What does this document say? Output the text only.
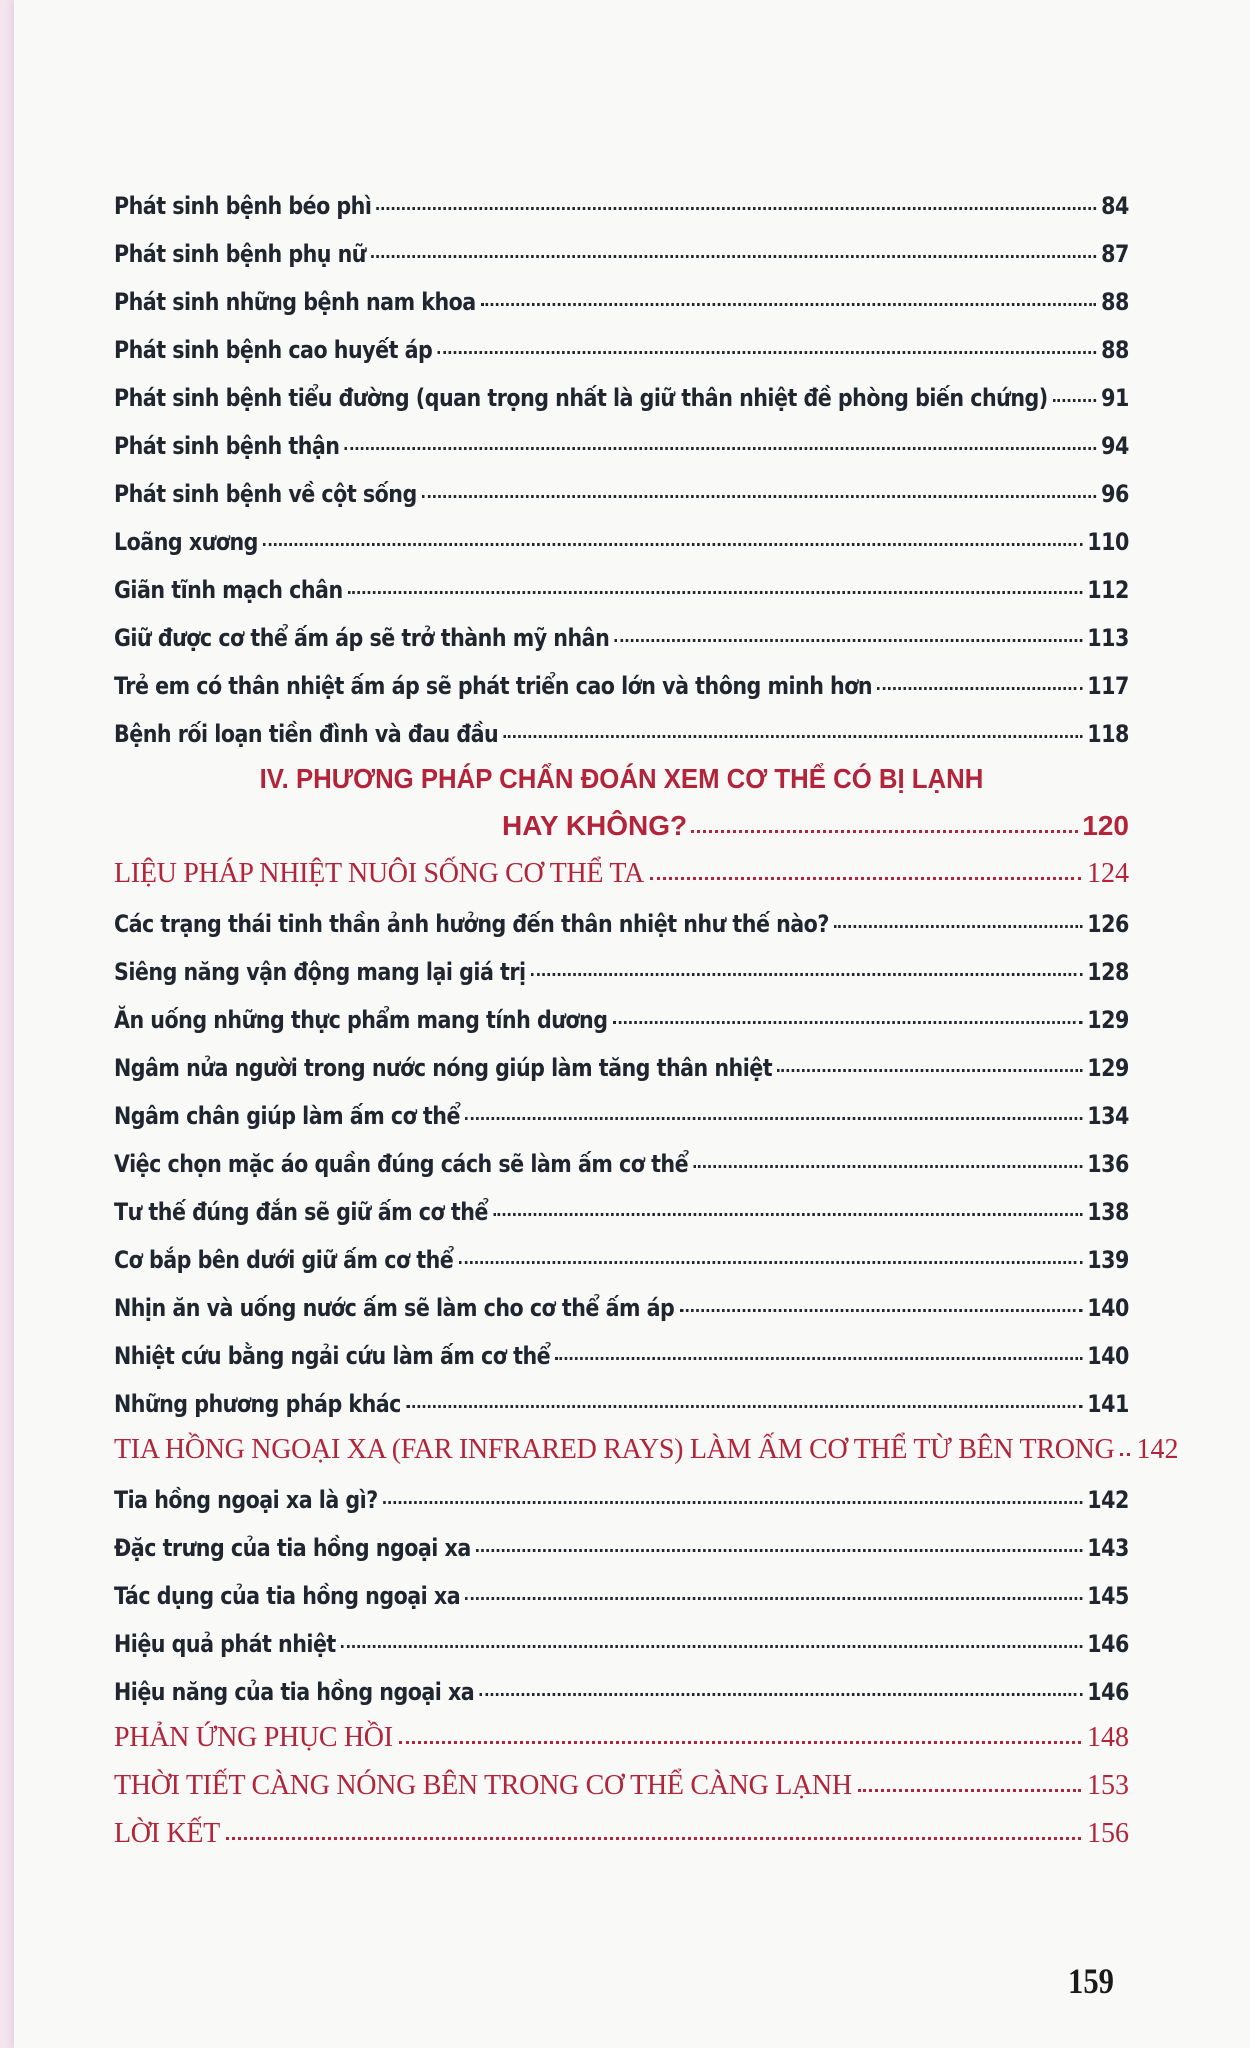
Phát sinh bệnh béo phì	84
Phát sinh bệnh phụ nữ	87
Phát sinh những bệnh nam khoa	88
Phát sinh bệnh cao huyết áp	88
Phát sinh bệnh tiểu đường (quan trọng nhất là giữ thân nhiệt đề phòng biến chứng) 91
Phát sinh bệnh thận	94
Phát sinh bệnh về cột sống	96
Loãng xương	110
Giãn tĩnh mạch chân	112
Giữ được cơ thể ấm áp sẽ trở thành mỹ nhân	113
Trẻ em có thân nhiệt ấm áp sẽ phát triển cao lớn và thông minh hơn	117
Bệnh rối loạn tiền đình và đau đầu	118
IV. PHƯƠNG PHÁP CHẨN ĐOÁN XEM CƠ THỂ CÓ BỊ LẠNH
HAY KHÔNG?	120
LIỆU PHÁP NHIỆT NUÔI SỐNG CƠ THỂ TA	124
Các trạng thái tinh thần ảnh hưởng đến thân nhiệt như thế nào?	126
Siêng năng vận động mang lại giá trị	128
Ăn uống những thực phẩm mang tính dương	129
Ngâm nửa người trong nước nóng giúp làm tăng thân nhiệt	129
Ngâm chân giúp làm ấm cơ thể	134
Việc chọn mặc áo quần đúng cách sẽ làm ấm cơ thể	136
Tư thế đúng đắn sẽ giữ ấm cơ thể	138
Cơ bắp bên dưới giữ ấm cơ thể	139
Nhịn ăn và uống nước ấm sẽ làm cho cơ thể ấm áp	140
Nhiệt cứu bằng ngải cứu làm ấm cơ thể	140
Những phương pháp khác	141
TIA HỒNG NGOẠI XA (FAR INFRARED RAYS) LÀM ẤM CƠ THỂ TỪ BÊN TRONG 142
Tia hồng ngoại xa là gì?	142
Đặc trưng của tia hồng ngoại xa	143
Tác dụng của tia hồng ngoại xa	145
Hiệu quả phát nhiệt	146
Hiệu năng của tia hồng ngoại xa	146
PHẢN ỨNG PHỤC HỒI	148
THỜI TIẾT CÀNG NÓNG BÊN TRONG CƠ THỂ CÀNG LẠNH	153
LỜI KẾT	156
159
